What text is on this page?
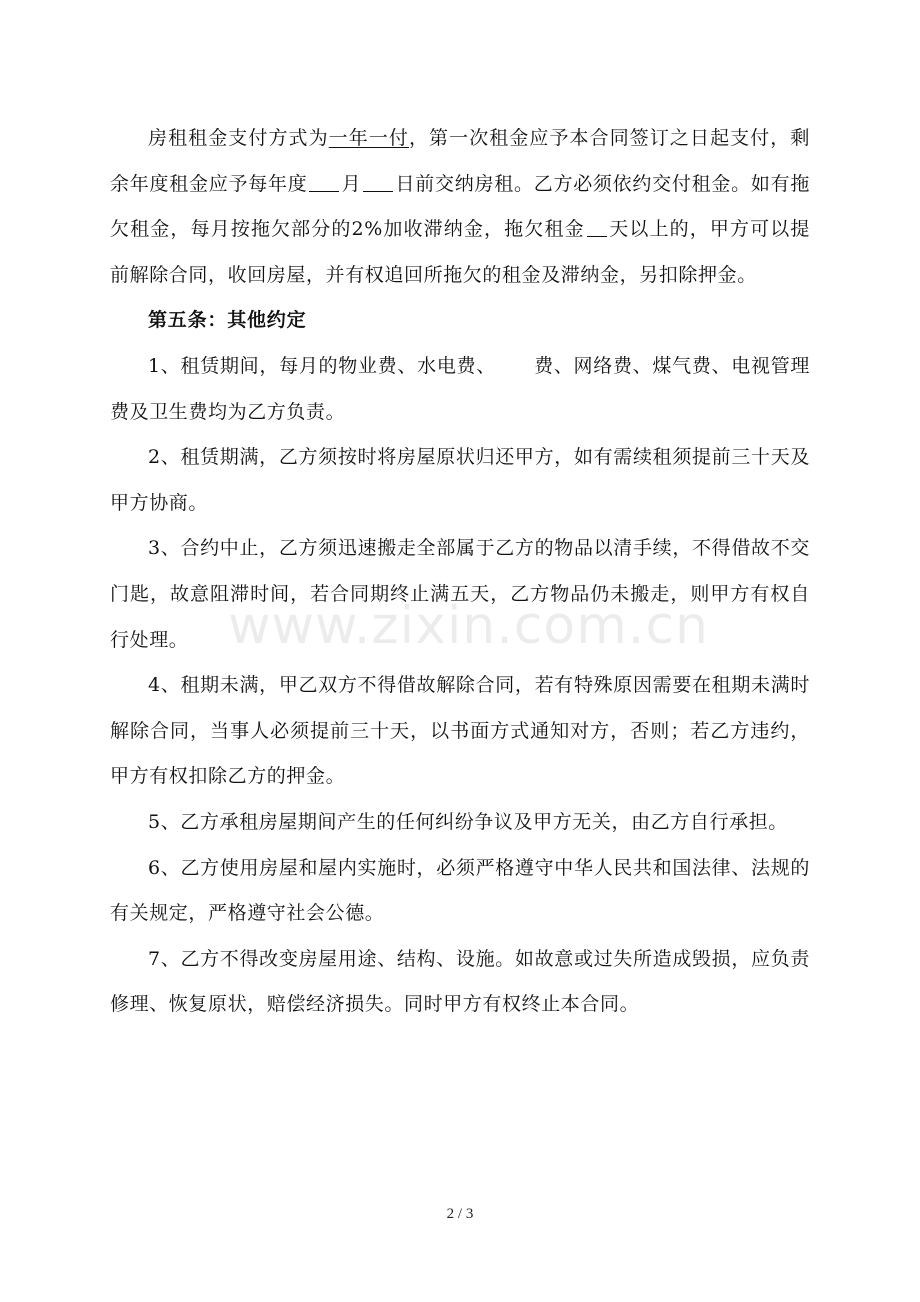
www.zixin.com.cn

房租租金支付方式为一年一付，第一次租金应予本合同签订之日起支付，剩余年度租金应予每年度 月 日前交纳房租。乙方必须依约交付租金。如有拖欠租金，每月按拖欠部分的2%加收滞纳金，拖欠租金 天以上的，甲方可以提前解除合同，收回房屋，并有权追回所拖欠的租金及滞纳金，另扣除押金。

第五条：其他约定

1、租赁期间，每月的物业费、水电费、 费、网络费、煤气费、电视管理费及卫生费均为乙方负责。

2、租赁期满，乙方须按时将房屋原状归还甲方，如有需续租须提前三十天及甲方协商。

3、合约中止，乙方须迅速搬走全部属于乙方的物品以清手续，不得借故不交门匙，故意阻滞时间，若合同期终止满五天，乙方物品仍未搬走，则甲方有权自行处理。

4、租期未满，甲乙双方不得借故解除合同，若有特殊原因需要在租期未满时解除合同，当事人必须提前三十天，以书面方式通知对方，否则；若乙方违约，甲方有权扣除乙方的押金。

5、乙方承租房屋期间产生的任何纠纷争议及甲方无关，由乙方自行承担。

6、乙方使用房屋和屋内实施时，必须严格遵守中华人民共和国法律、法规的有关规定，严格遵守社会公德。

7、乙方不得改变房屋用途、结构、设施。如故意或过失所造成毁损，应负责修理、恢复原状，赔偿经济损失。同时甲方有权终止本合同。

2 / 3
